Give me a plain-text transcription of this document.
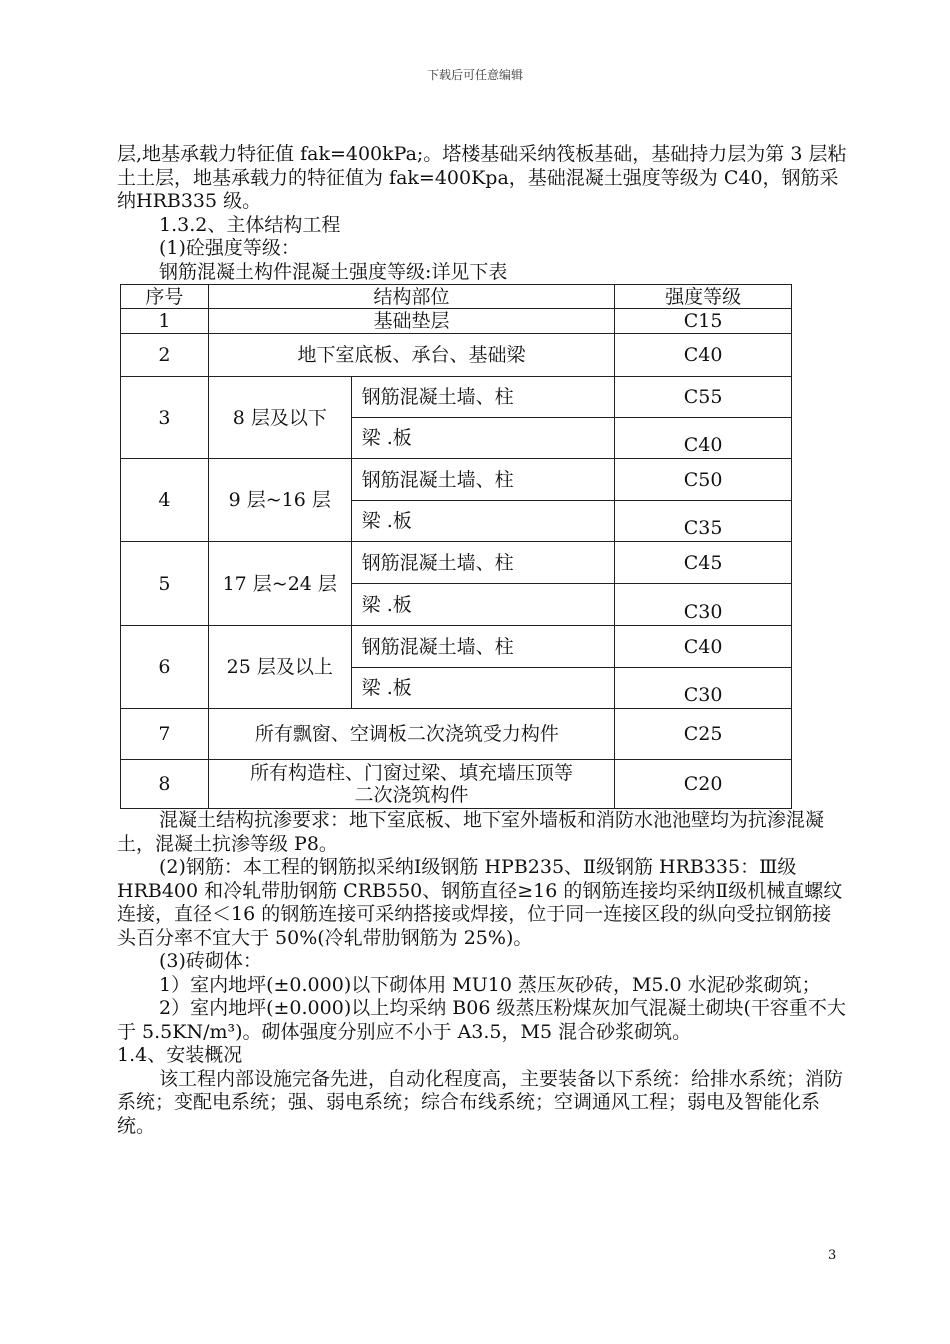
下载后可任意编辑

层,地基承载力特征值 fak=400kPa;。塔楼基础采纳筏板基础，基础持力层为第 3 层粘土土层，地基承载力的特征值为 fak=400Kpa，基础混凝土强度等级为 C40，钢筋采纳HRB335 级。

1.3.2、主体结构工程

(1)砼强度等级：

钢筋混凝土构件混凝土强度等级:详见下表

序号	结构部位		强度等级
1	基础垫层		C15
2	地下室底板、承台、基础梁		C40
3	8 层及以下	钢筋混凝土墙、柱	C55
		梁 .板	C40
4	9 层~16 层	钢筋混凝土墙、柱	C50
		梁 .板	C35
5	17 层~24 层	钢筋混凝土墙、柱	C45
		梁 .板	C30
6	25 层及以上	钢筋混凝土墙、柱	C40
		梁 .板	C30
7	所有飘窗、空调板二次浇筑受力构件		C25
8	所有构造柱、门窗过梁、填充墙压顶等二次浇筑构件		C20

混凝土结构抗渗要求：地下室底板、地下室外墙板和消防水池池壁均为抗渗混凝土，混凝土抗渗等级 P8。

(2)钢筋：本工程的钢筋拟采纳Ⅰ级钢筋 HPB235、Ⅱ级钢筋 HRB335：Ⅲ级 HRB400 和冷轧带肋钢筋 CRB550、钢筋直径≥16 的钢筋连接均采纳Ⅱ级机械直螺纹连接，直径＜16 的钢筋连接可采纳搭接或焊接，位于同一连接区段的纵向受拉钢筋接头百分率不宜大于 50%(冷轧带肋钢筋为 25%)。

(3)砖砌体：

1）室内地坪(±0.000)以下砌体用 MU10 蒸压灰砂砖，M5.0 水泥砂浆砌筑；

2）室内地坪(±0.000)以上均采纳 B06 级蒸压粉煤灰加气混凝土砌块(干容重不大于 5.5KN/m³)。砌体强度分别应不小于 A3.5，M5 混合砂浆砌筑。

1.4、安装概况

该工程内部设施完备先进，自动化程度高，主要装备以下系统：给排水系统；消防系统；变配电系统；强、弱电系统；综合布线系统；空调通风工程；弱电及智能化系统。

3
